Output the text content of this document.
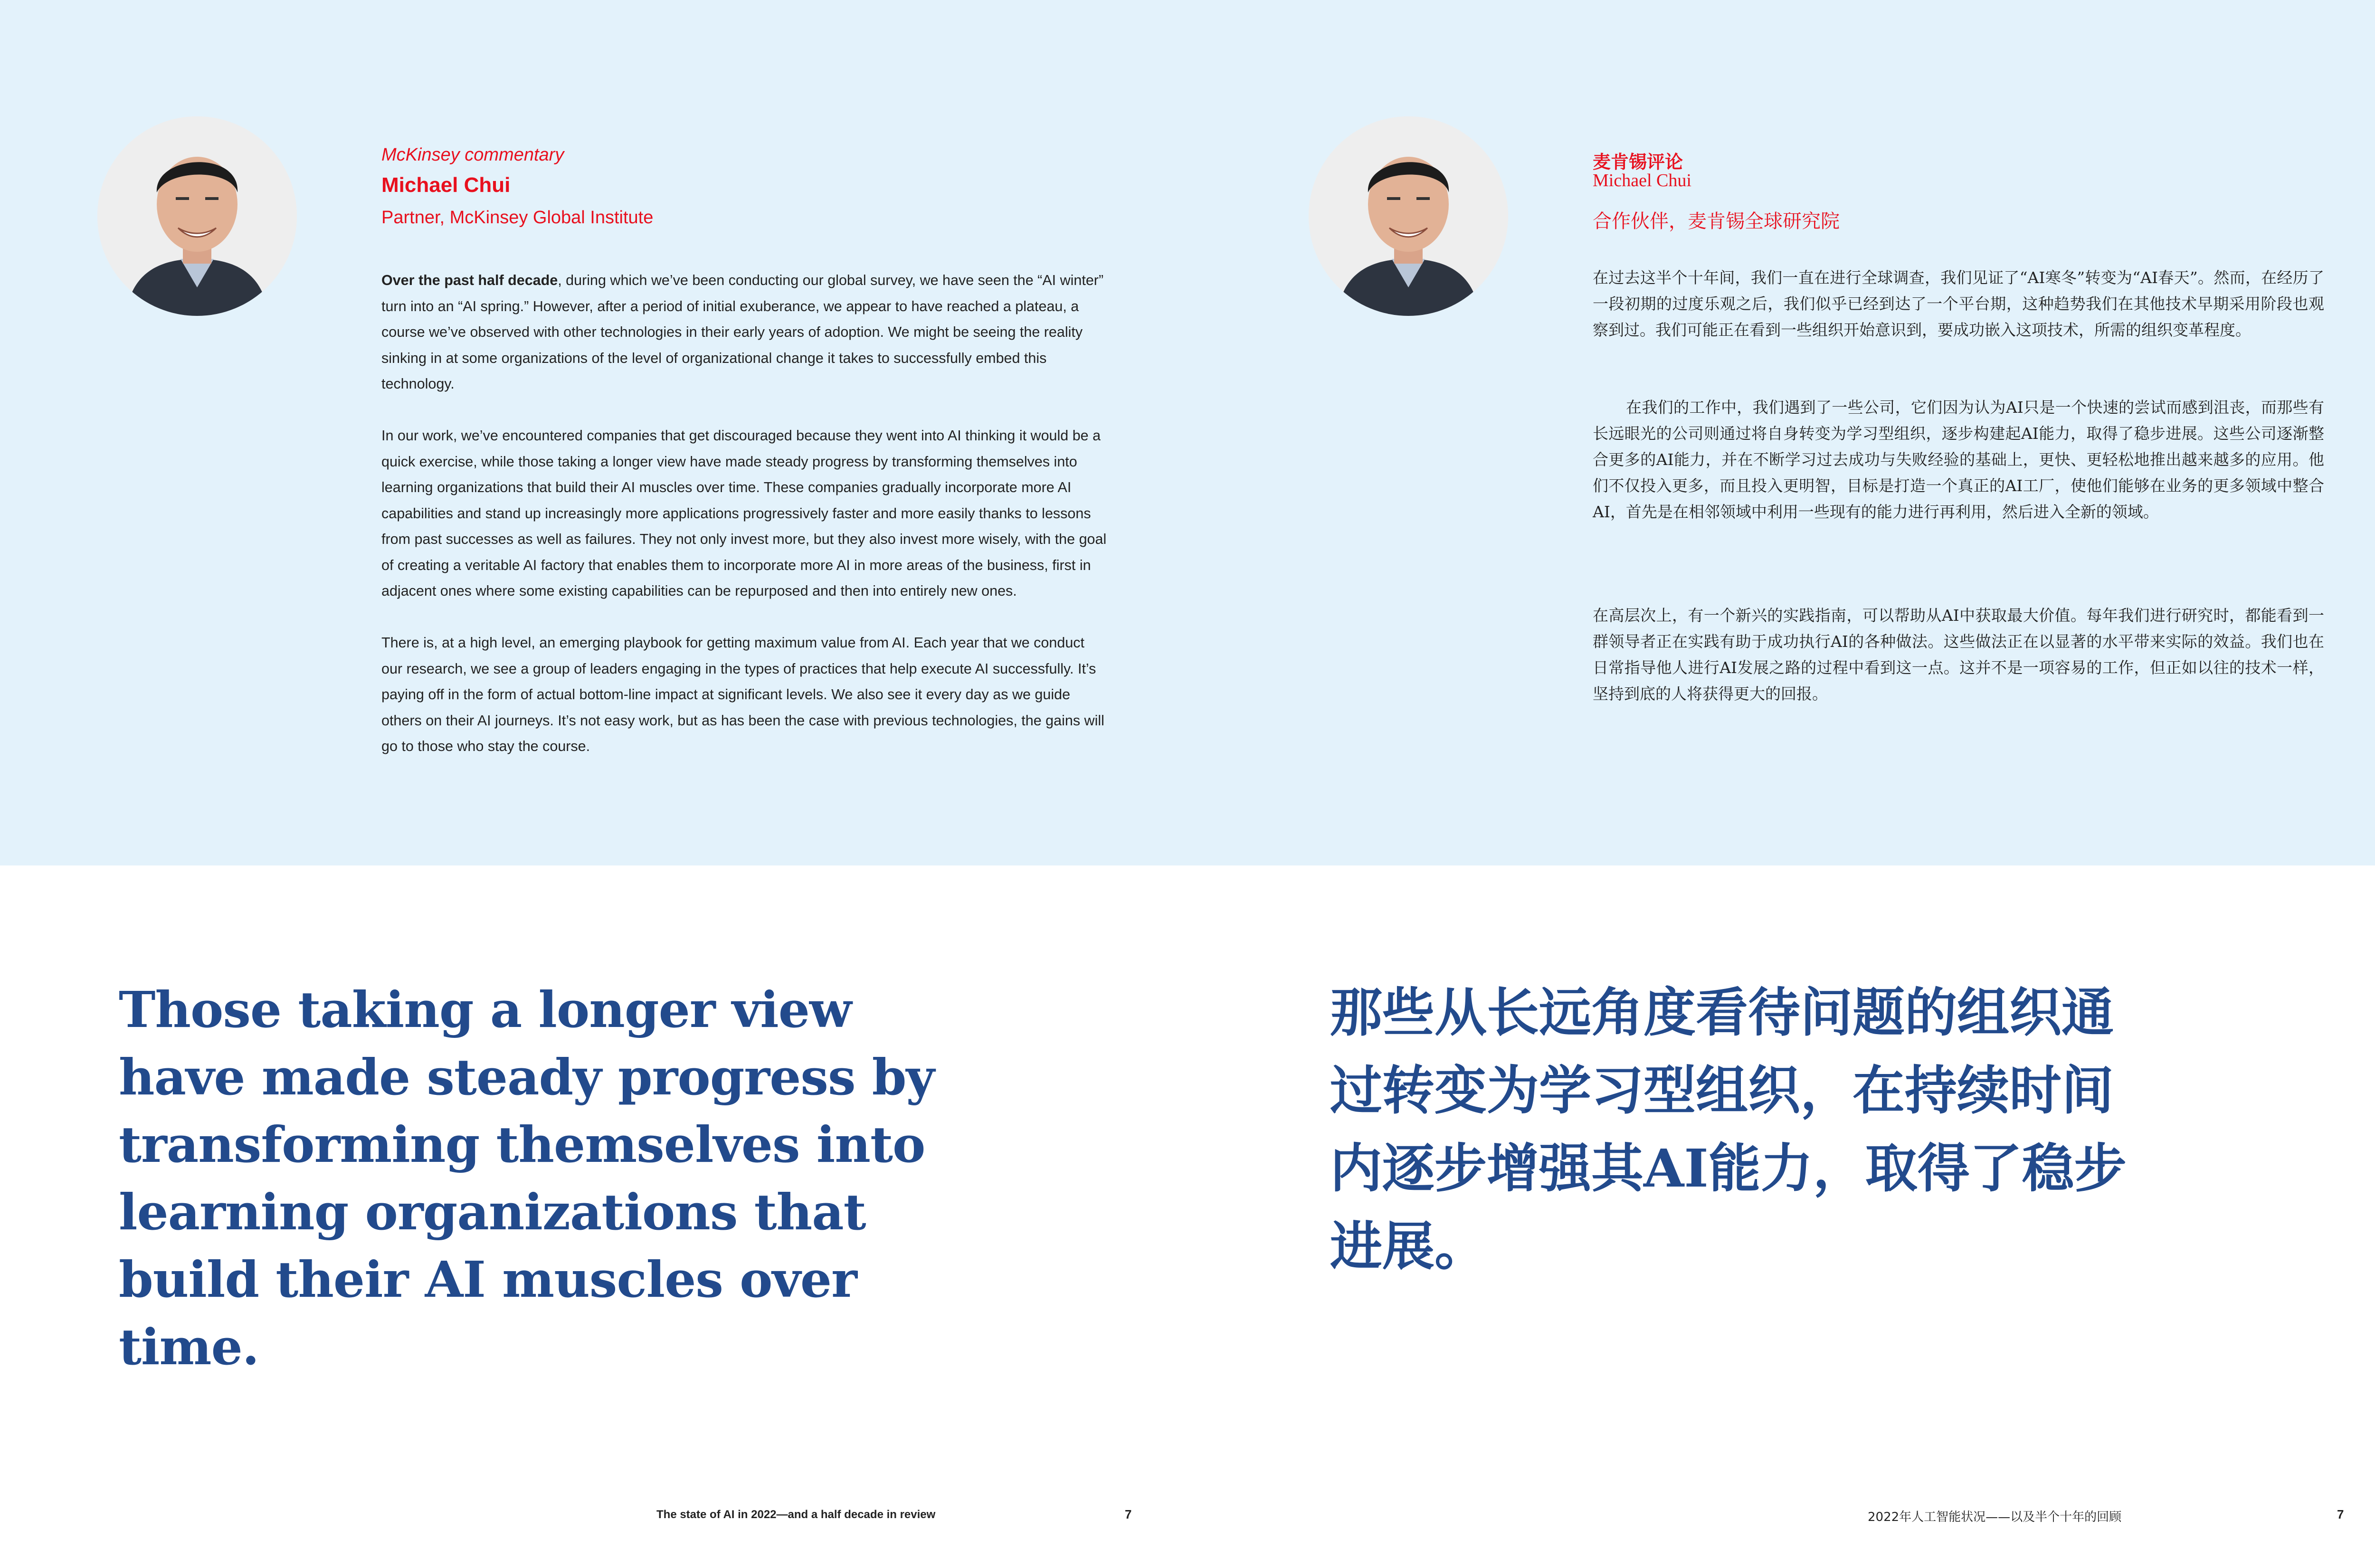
McKinsey commentary
Michael Chui
Partner, McKinsey Global Institute

Over the past half decade, during which we’ve been conducting our global survey, we have seen the “AI winter” turn into an “AI spring.” However, after a period of initial exuberance, we appear to have reached a plateau, a course we’ve observed with other technologies in their early years of adoption. We might be seeing the reality sinking in at some organizations of the level of organizational change it takes to successfully embed this technology.

In our work, we’ve encountered companies that get discouraged because they went into AI thinking it would be a quick exercise, while those taking a longer view have made steady progress by transforming themselves into learning organizations that build their AI muscles over time. These companies gradually incorporate more AI capabilities and stand up increasingly more applications progressively faster and more easily thanks to lessons from past successes as well as failures. They not only invest more, but they also invest more wisely, with the goal of creating a veritable AI factory that enables them to incorporate more AI in more areas of the business, first in adjacent ones where some existing capabilities can be repurposed and then into entirely new ones.

There is, at a high level, an emerging playbook for getting maximum value from AI. Each year that we conduct our research, we see a group of leaders engaging in the types of practices that help execute AI successfully. It’s paying off in the form of actual bottom-line impact at significant levels. We also see it every day as we guide others on their AI journeys. It’s not easy work, but as has been the case with previous technologies, the gains will go to those who stay the course.

麦肯锡评论
Michael Chui
合作伙伴，麦肯锡全球研究院

在过去这半个十年间，我们一直在进行全球调查，我们见证了“AI寒冬”转变为“AI春天”。然而，在经历了一段初期的过度乐观之后，我们似乎已经到达了一个平台期，这种趋势我们在其他技术早期采用阶段也观察到过。我们可能正在看到一些组织开始意识到，要成功嵌入这项技术，所需的组织变革程度。

在我们的工作中，我们遇到了一些公司，它们因为认为AI只是一个快速的尝试而感到沮丧，而那些有长远眼光的公司则通过将自身转变为学习型组织，逐步构建起AI能力，取得了稳步进展。这些公司逐渐整合更多的AI能力，并在不断学习过去成功与失败经验的基础上，更快、更轻松地推出越来越多的应用。他们不仅投入更多，而且投入更明智，目标是打造一个真正的AI工厂，使他们能够在业务的更多领域中整合AI，首先是在相邻领域中利用一些现有的能力进行再利用，然后进入全新的领域。

在高层次上，有一个新兴的实践指南，可以帮助从AI中获取最大价值。每年我们进行研究时，都能看到一群领导者正在实践有助于成功执行AI的各种做法。这些做法正在以显著的水平带来实际的效益。我们也在日常指导他人进行AI发展之路的过程中看到这一点。这并不是一项容易的工作，但正如以往的技术一样，坚持到底的人将获得更大的回报。

Those taking a longer view have made steady progress by transforming themselves into learning organizations that build their AI muscles over time.
那些从长远角度看待问题的组织通过转变为学习型组织，在持续时间内逐步增强其AI能力，取得了稳步进展。
The state of AI in 2022—and a half decade in review	7	2022年人工智能状况——以及半个十年的回顾	7
